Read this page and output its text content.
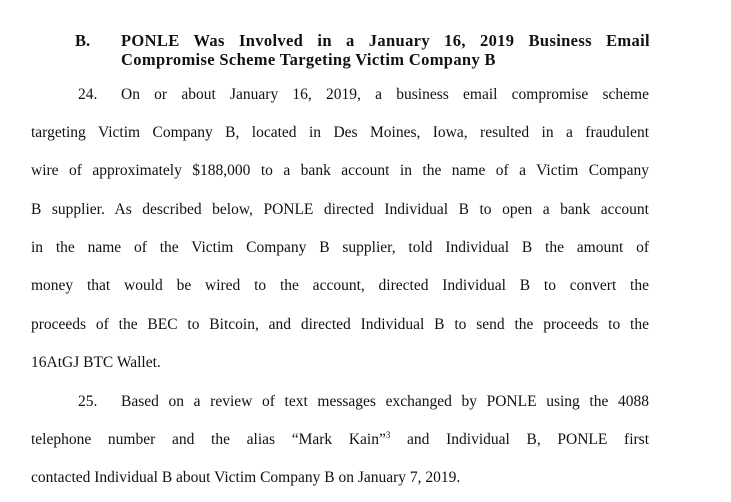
B. PONLE Was Involved in a January 16, 2019 Business Email Compromise Scheme Targeting Victim Company B
24. On or about January 16, 2019, a business email compromise scheme
targeting Victim Company B, located in Des Moines, Iowa, resulted in a fraudulent
wire of approximately $188,000 to a bank account in the name of a Victim Company
B supplier. As described below, PONLE directed Individual B to open a bank account
in the name of the Victim Company B supplier, told Individual B the amount of
money that would be wired to the account, directed Individual B to convert the
proceeds of the BEC to Bitcoin, and directed Individual B to send the proceeds to the
16AtGJ BTC Wallet.
25. Based on a review of text messages exchanged by PONLE using the 4088
telephone number and the alias “Mark Kain”$^3$ and Individual B, PONLE first
contacted Individual B about Victim Company B on January 7, 2019.
